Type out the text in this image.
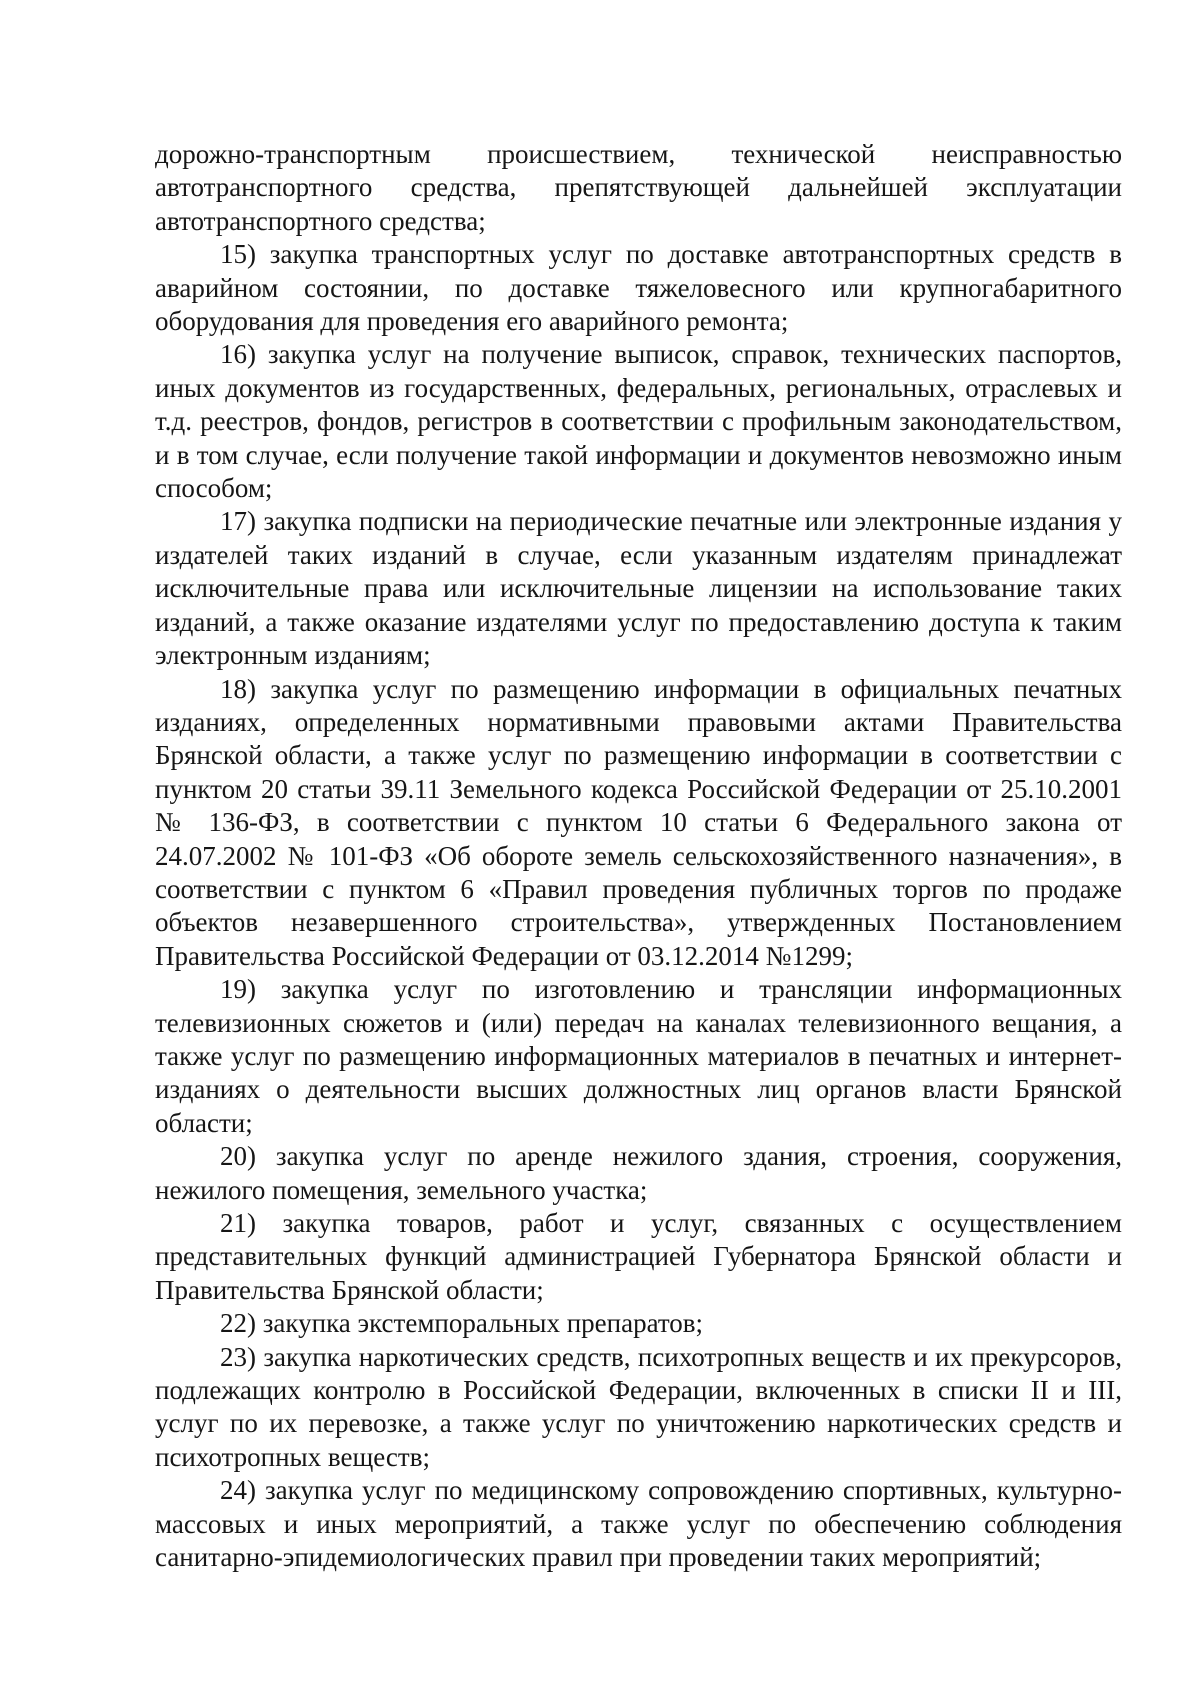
дорожно-транспортным происшествием, технической неисправностью автотранспортного средства, препятствующей дальнейшей эксплуатации автотранспортного средства;

15) закупка транспортных услуг по доставке автотранспортных средств в аварийном состоянии, по доставке тяжеловесного или крупногабаритного оборудования для проведения его аварийного ремонта;

16) закупка услуг на получение выписок, справок, технических паспортов, иных документов из государственных, федеральных, региональных, отраслевых и т.д. реестров, фондов, регистров в соответствии с профильным законодательством, и в том случае, если получение такой информации и документов невозможно иным способом;

17) закупка подписки на периодические печатные или электронные издания у издателей таких изданий в случае, если указанным издателям принадлежат исключительные права или исключительные лицензии на использование таких изданий, а также оказание издателями услуг по предоставлению доступа к таким электронным изданиям;

18) закупка услуг по размещению информации в официальных печатных изданиях, определенных нормативными правовыми актами Правительства Брянской области, а также услуг по размещению информации в соответствии с пунктом 20 статьи 39.11 Земельного кодекса Российской Федерации от 25.10.2001 № 136-ФЗ, в соответствии с пунктом 10 статьи 6 Федерального закона от 24.07.2002 № 101-ФЗ «Об обороте земель сельскохозяйственного назначения», в соответствии с пунктом 6 «Правил проведения публичных торгов по продаже объектов незавершенного строительства», утвержденных Постановлением Правительства Российской Федерации от 03.12.2014 №1299;

19) закупка услуг по изготовлению и трансляции информационных телевизионных сюжетов и (или) передач на каналах телевизионного вещания, а также услуг по размещению информационных материалов в печатных и интернет-изданиях о деятельности высших должностных лиц органов власти Брянской области;

20) закупка услуг по аренде нежилого здания, строения, сооружения, нежилого помещения, земельного участка;

21) закупка товаров, работ и услуг, связанных с осуществлением представительных функций администрацией Губернатора Брянской области и Правительства Брянской области;

22) закупка экстемпоральных препаратов;

23) закупка наркотических средств, психотропных веществ и их прекурсоров, подлежащих контролю в Российской Федерации, включенных в списки II и III, услуг по их перевозке, а также услуг по уничтожению наркотических средств и психотропных веществ;

24) закупка услуг по медицинскому сопровождению спортивных, культурно-массовых и иных мероприятий, а также услуг по обеспечению соблюдения санитарно-эпидемиологических правил при проведении таких мероприятий;
